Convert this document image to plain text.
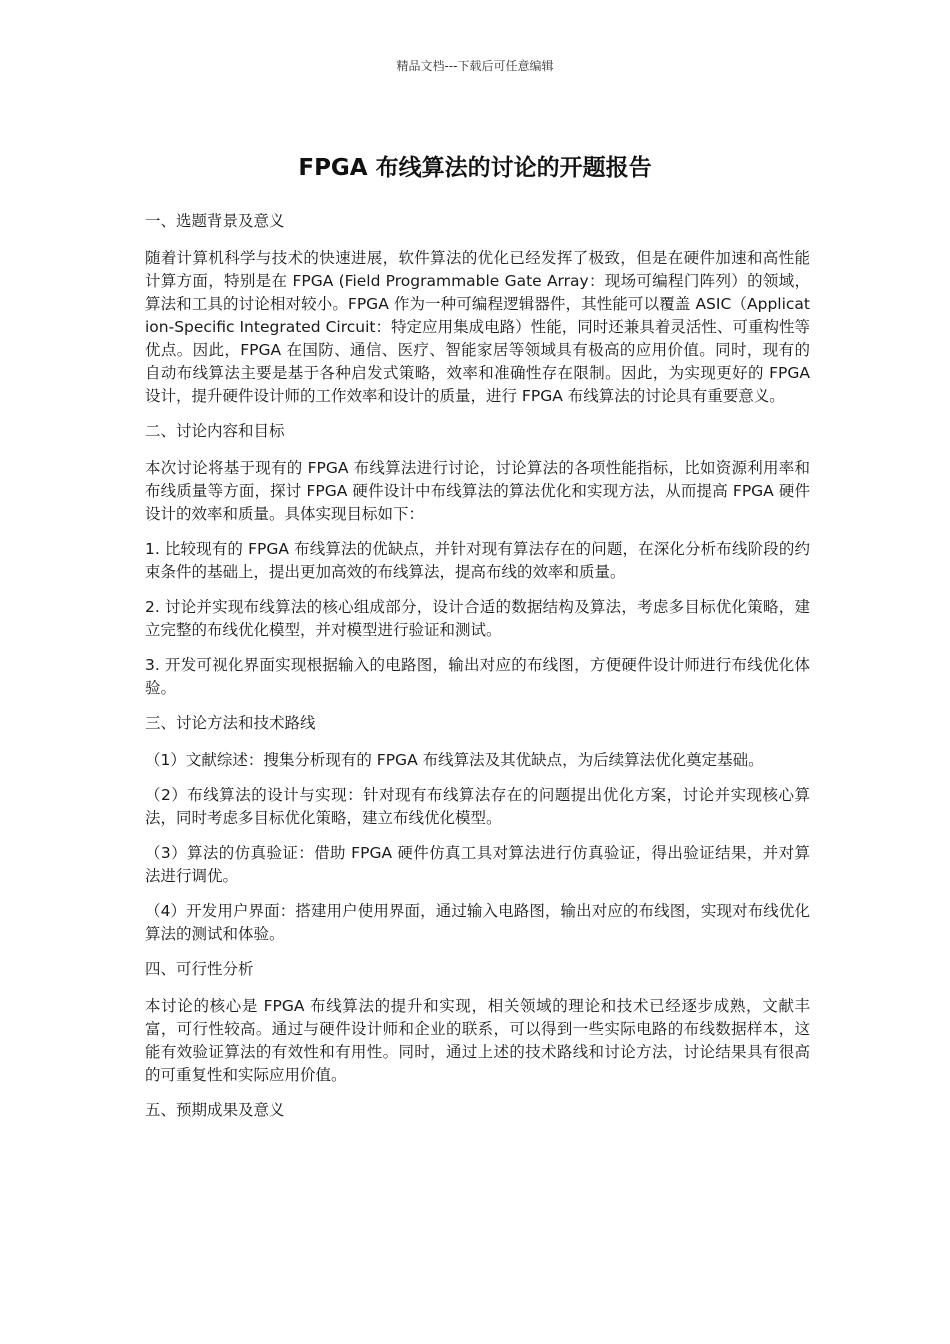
精品文档---下载后可任意编辑
FPGA 布线算法的讨论的开题报告

一、选题背景及意义

随着计算机科学与技术的快速进展，软件算法的优化已经发挥了极致，但是在硬件加速和高性能计算方面，特别是在 FPGA (Field Programmable Gate Array：现场可编程门阵列）的领域，算法和工具的讨论相对较小。FPGA 作为一种可编程逻辑器件，其性能可以覆盖 ASIC（Application-Specific Integrated Circuit：特定应用集成电路）性能，同时还兼具着灵活性、可重构性等优点。因此，FPGA 在国防、通信、医疗、智能家居等领域具有极高的应用价值。同时，现有的自动布线算法主要是基于各种启发式策略，效率和准确性存在限制。因此，为实现更好的 FPGA 设计，提升硬件设计师的工作效率和设计的质量，进行 FPGA 布线算法的讨论具有重要意义。

二、讨论内容和目标

本次讨论将基于现有的 FPGA 布线算法进行讨论，讨论算法的各项性能指标，比如资源利用率和布线质量等方面，探讨 FPGA 硬件设计中布线算法的算法优化和实现方法，从而提高 FPGA 硬件设计的效率和质量。具体实现目标如下：

1. 比较现有的 FPGA 布线算法的优缺点，并针对现有算法存在的问题，在深化分析布线阶段的约束条件的基础上，提出更加高效的布线算法，提高布线的效率和质量。

2. 讨论并实现布线算法的核心组成部分，设计合适的数据结构及算法，考虑多目标优化策略，建立完整的布线优化模型，并对模型进行验证和测试。

3. 开发可视化界面实现根据输入的电路图，输出对应的布线图，方便硬件设计师进行布线优化体验。

三、讨论方法和技术路线

（1）文献综述：搜集分析现有的 FPGA 布线算法及其优缺点，为后续算法优化奠定基础。

（2）布线算法的设计与实现：针对现有布线算法存在的问题提出优化方案，讨论并实现核心算法，同时考虑多目标优化策略，建立布线优化模型。

（3）算法的仿真验证：借助 FPGA 硬件仿真工具对算法进行仿真验证，得出验证结果，并对算法进行调优。

（4）开发用户界面：搭建用户使用界面，通过输入电路图，输出对应的布线图，实现对布线优化算法的测试和体验。

四、可行性分析

本讨论的核心是 FPGA 布线算法的提升和实现，相关领域的理论和技术已经逐步成熟，文献丰富，可行性较高。通过与硬件设计师和企业的联系，可以得到一些实际电路的布线数据样本，这能有效验证算法的有效性和有用性。同时，通过上述的技术路线和讨论方法，讨论结果具有很高的可重复性和实际应用价值。

五、预期成果及意义
